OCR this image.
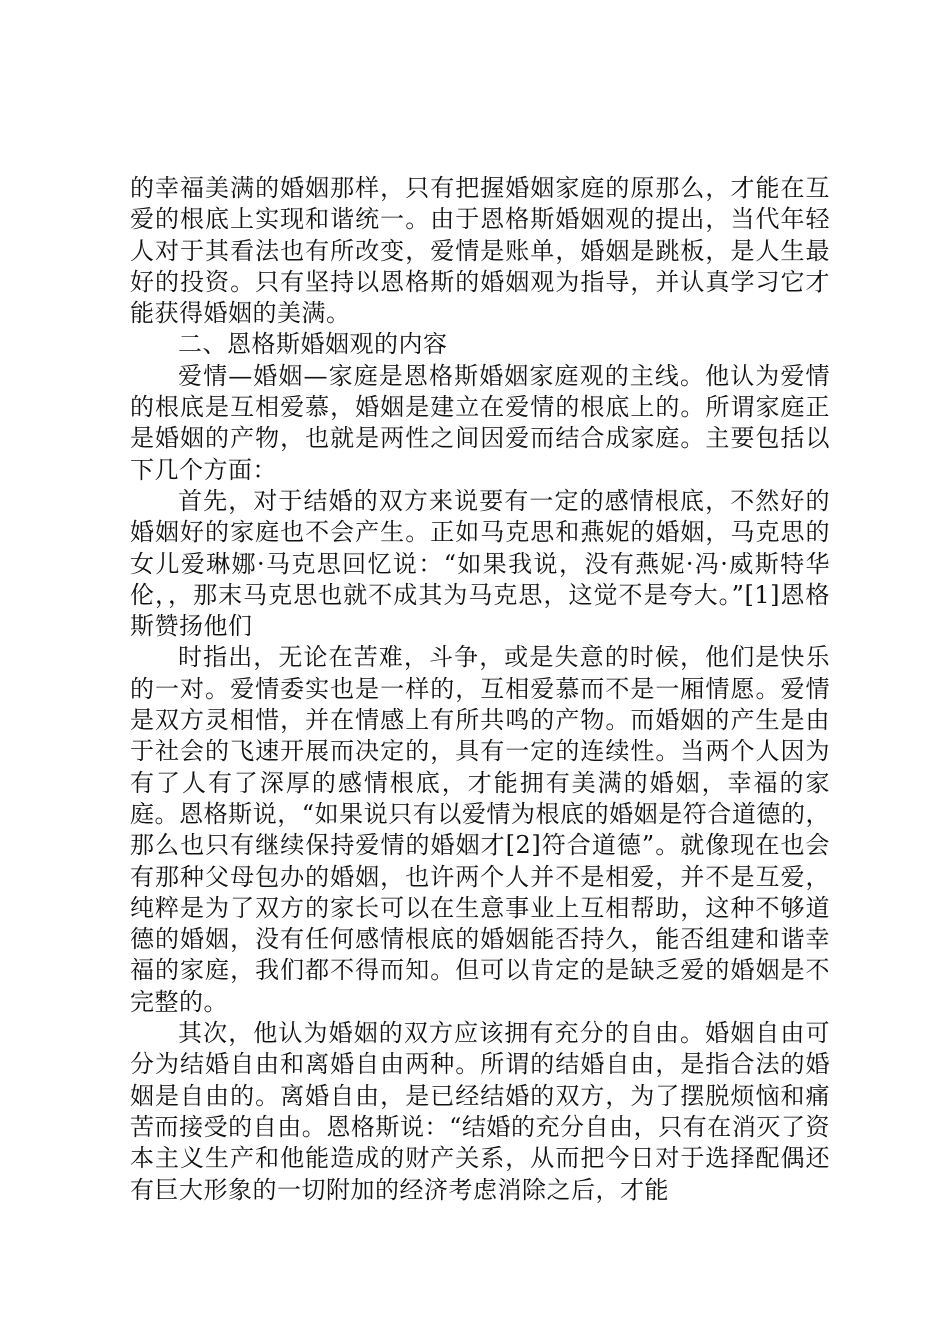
的幸福美满的婚姻那样，只有把握婚姻家庭的原那么，才能在互爱的根底上实现和谐统一。由于恩格斯婚姻观的提出，当代年轻人对于其看法也有所改变，爱情是账单，婚姻是跳板，是人生最好的投资。只有坚持以恩格斯的婚姻观为指导，并认真学习它才能获得婚姻的美满。

二、恩格斯婚姻观的内容

爱情—婚姻—家庭是恩格斯婚姻家庭观的主线。他认为爱情的根底是互相爱慕，婚姻是建立在爱情的根底上的。所谓家庭正是婚姻的产物，也就是两性之间因爱而结合成家庭。主要包括以下几个方面：

首先，对于结婚的双方来说要有一定的感情根底，不然好的婚姻好的家庭也不会产生。正如马克思和燕妮的婚姻，马克思的女儿爱琳娜·马克思回忆说：“如果我说，没有燕妮·冯·威斯特华伦，，那末马克思也就不成其为马克思，这觉不是夸大。”[1]恩格斯赞扬他们

时指出，无论在苦难，斗争，或是失意的时候，他们是快乐的一对。爱情委实也是一样的，互相爱慕而不是一厢情愿。爱情是双方灵相惜，并在情感上有所共鸣的产物。而婚姻的产生是由于社会的飞速开展而决定的，具有一定的连续性。当两个人因为有了人有了深厚的感情根底，才能拥有美满的婚姻，幸福的家庭。恩格斯说，“如果说只有以爱情为根底的婚姻是符合道德的，那么也只有继续保持爱情的婚姻才[2]符合道德”。就像现在也会有那种父母包办的婚姻，也许两个人并不是相爱，并不是互爱，纯粹是为了双方的家长可以在生意事业上互相帮助，这种不够道德的婚姻，没有任何感情根底的婚姻能否持久，能否组建和谐幸福的家庭，我们都不得而知。但可以肯定的是缺乏爱的婚姻是不完整的。

其次，他认为婚姻的双方应该拥有充分的自由。婚姻自由可分为结婚自由和离婚自由两种。所谓的结婚自由，是指合法的婚姻是自由的。离婚自由，是已经结婚的双方，为了摆脱烦恼和痛苦而接受的自由。恩格斯说：“结婚的充分自由，只有在消灭了资本主义生产和他能造成的财产关系，从而把今日对于选择配偶还有巨大形象的一切附加的经济考虑消除之后，才能
